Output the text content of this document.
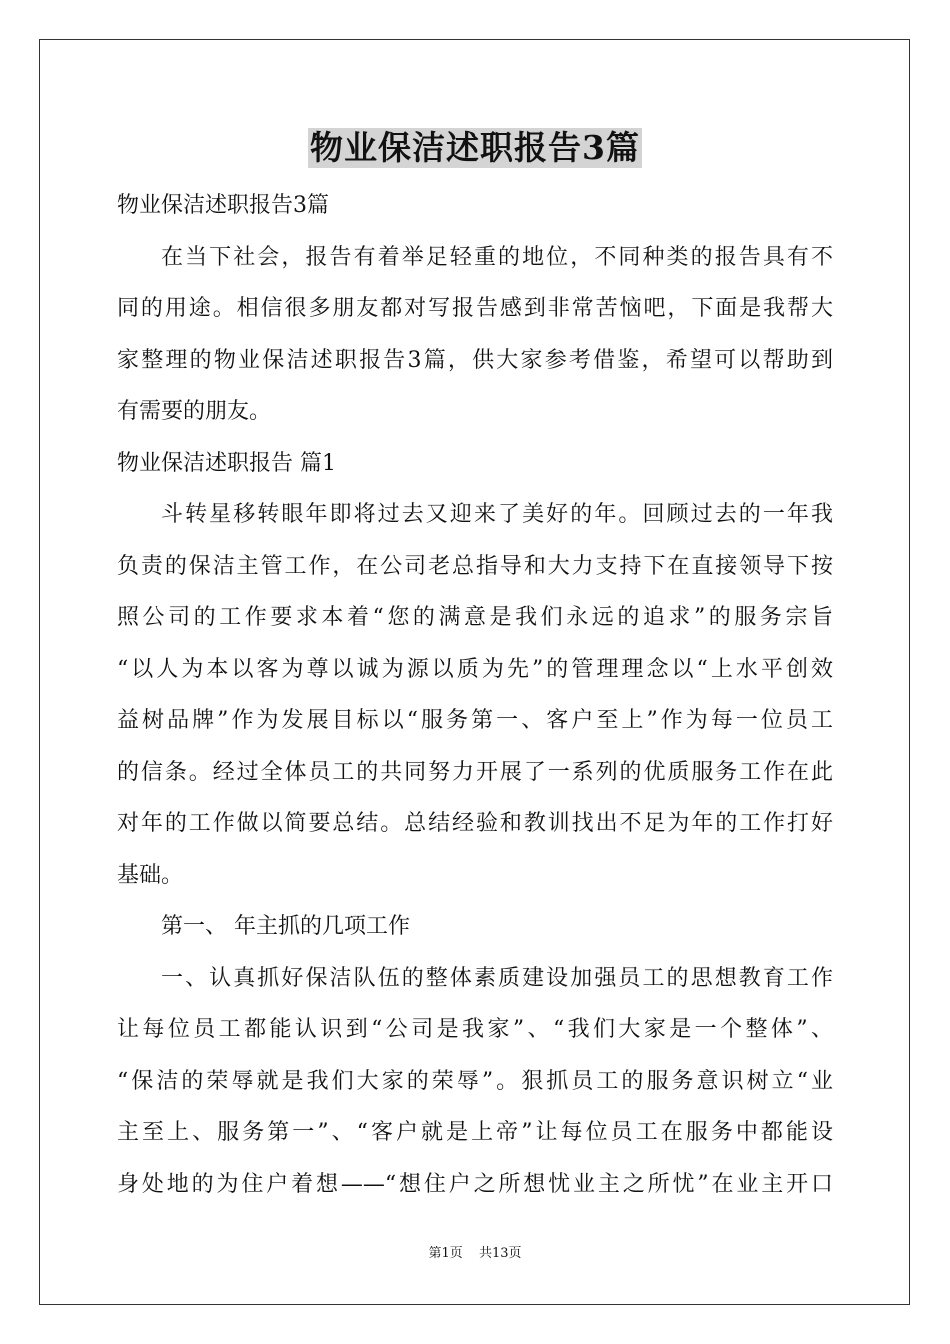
物业保洁述职报告3篇
物业保洁述职报告3篇
在当下社会，报告有着举足轻重的地位，不同种类的报告具有不
同的用途。相信很多朋友都对写报告感到非常苦恼吧，下面是我帮大
家整理的物业保洁述职报告3篇，供大家参考借鉴，希望可以帮助到
有需要的朋友。
物业保洁述职报告 篇1
斗转星移转眼年即将过去又迎来了美好的年。回顾过去的一年我
负责的保洁主管工作，在公司老总指导和大力支持下在直接领导下按
照公司的工作要求本着“您的满意是我们永远的追求”的服务宗旨
“以人为本以客为尊以诚为源以质为先”的管理理念以“上水平创效
益树品牌”作为发展目标以“服务第一、客户至上”作为每一位员工
的信条。经过全体员工的共同努力开展了一系列的优质服务工作在此
对年的工作做以简要总结。总结经验和教训找出不足为年的工作打好
基础。
第一、 年主抓的几项工作
一、认真抓好保洁队伍的整体素质建设加强员工的思想教育工作
让每位员工都能认识到“公司是我家”、“我们大家是一个整体”、
“保洁的荣辱就是我们大家的荣辱”。狠抓员工的服务意识树立“业
主至上、服务第一”、“客户就是上帝”让每位员工在服务中都能设
身处地的为住户着想——“想住户之所想忧业主之所忧”在业主开口
第1页 共13页
